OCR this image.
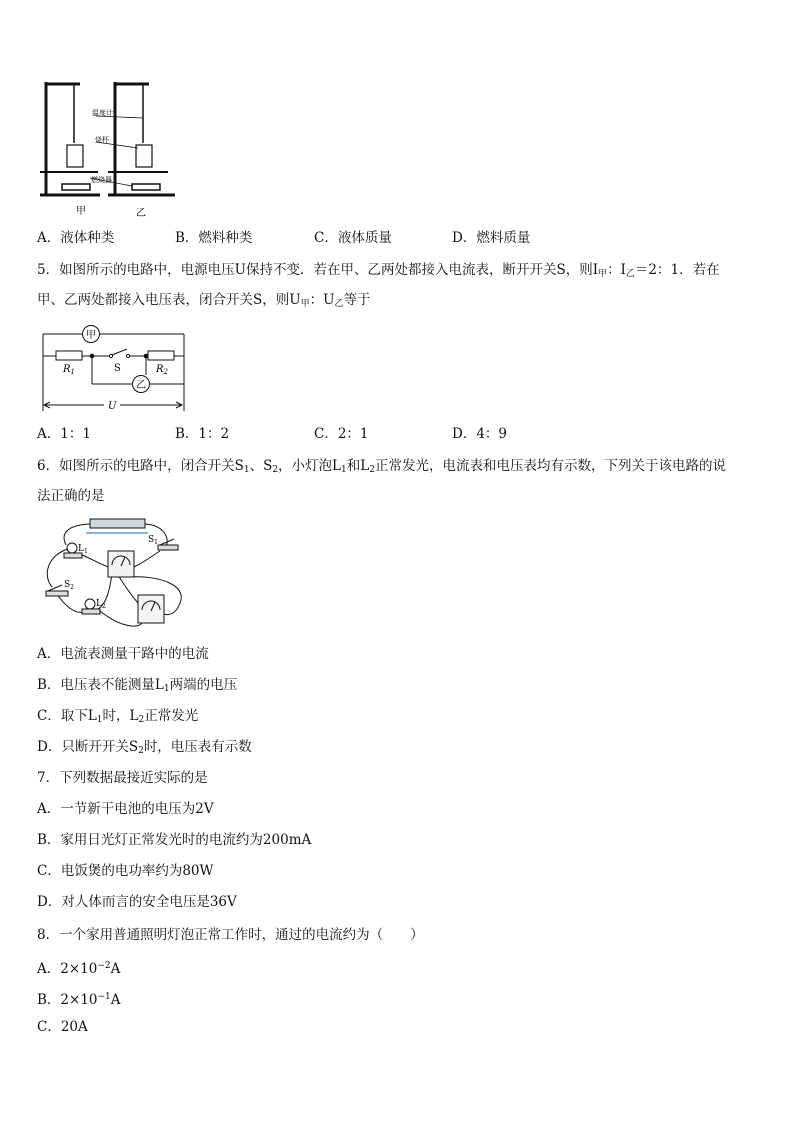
温度计
烧杯
燃烧器
甲	乙
A．液体种类	B．燃料种类	C．液体质量	D．燃料质量
5．如图所示的电路中，电源电压U保持不变．若在甲、乙两处都接入电流表，断开开关S，则$I_甲$：$I_乙=2$：1．若在
甲、乙两处都接入电压表，闭合开关S，则$U_甲$：$U_乙$等于
甲
乙
$R_1$	$R_2$
S
U
A．1：1	B．1：2	C．2：1	D．4：9
6．如图所示的电路中，闭合开关$S_1$、$S_2$，小灯泡$L_1$和$L_2$正常发光，电流表和电压表均有示数，下列关于该电路的说
法正确的是
$L_1$
$S_1$
$S_2$
$L_2$
A．电流表测量干路中的电流
B．电压表不能测量$L_1$两端的电压
C．取下$L_1$时，$L_2$正常发光
D．只断开开关$S_2$时，电压表有示数
7．下列数据最接近实际的是
A．一节新干电池的电压为2V
B．家用日光灯正常发光时的电流约为200mA
C．电饭煲的电功率约为80W
D．对人体而言的安全电压是36V
8．一个家用普通照明灯泡正常工作时，通过的电流约为（　　）
A．$2\times 10^{-2}A$
B．$2\times 10^{-1}A$
C．20A
